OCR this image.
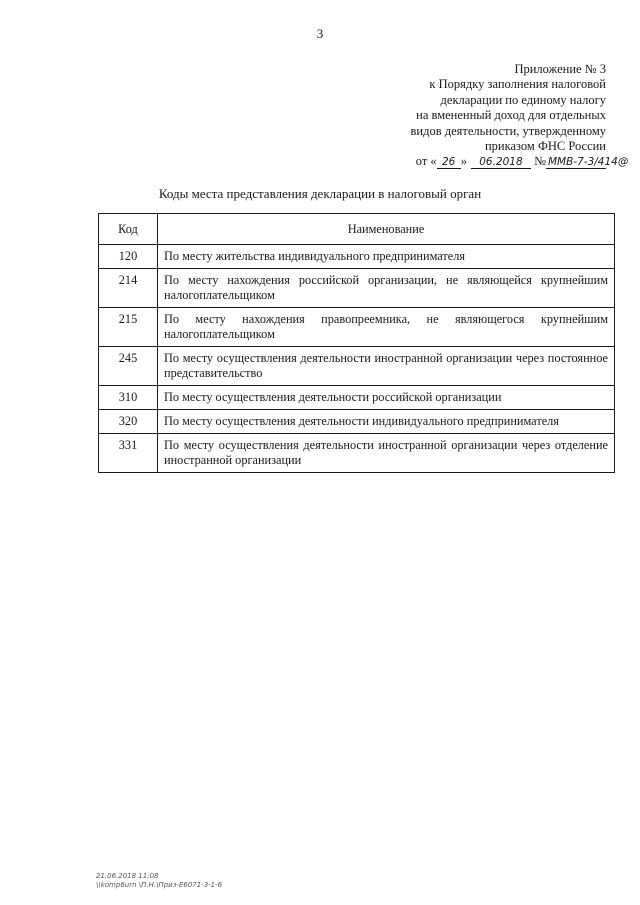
3
Приложение № 3
к Порядку заполнения налоговой
декларации по единому налогу
на вмененный доход для отдельных
видов деятельности, утвержденному
приказом ФНС России
от « 26 » 06.2018 № ММВ-7-3/414@
Коды места представления декларации в налоговый орган
Код	Наименование
120	По месту жительства индивидуального предпринимателя
214	По месту нахождения российской организации, не являющейся крупнейшим налогоплательщиком
215	По месту нахождения правопреемника, не являющегося крупнейшим налогоплательщиком
245	По месту осуществления деятельности иностранной организации через постоянное представительство
310	По месту осуществления деятельности российской организации
320	По месту осуществления деятельности индивидуального предпринимателя
331	По месту осуществления деятельности иностранной организации через отделение иностранной организации
21.06.2018 11:08
\\komp6urn \П.Н.\Приз-E6071-3-1-6
